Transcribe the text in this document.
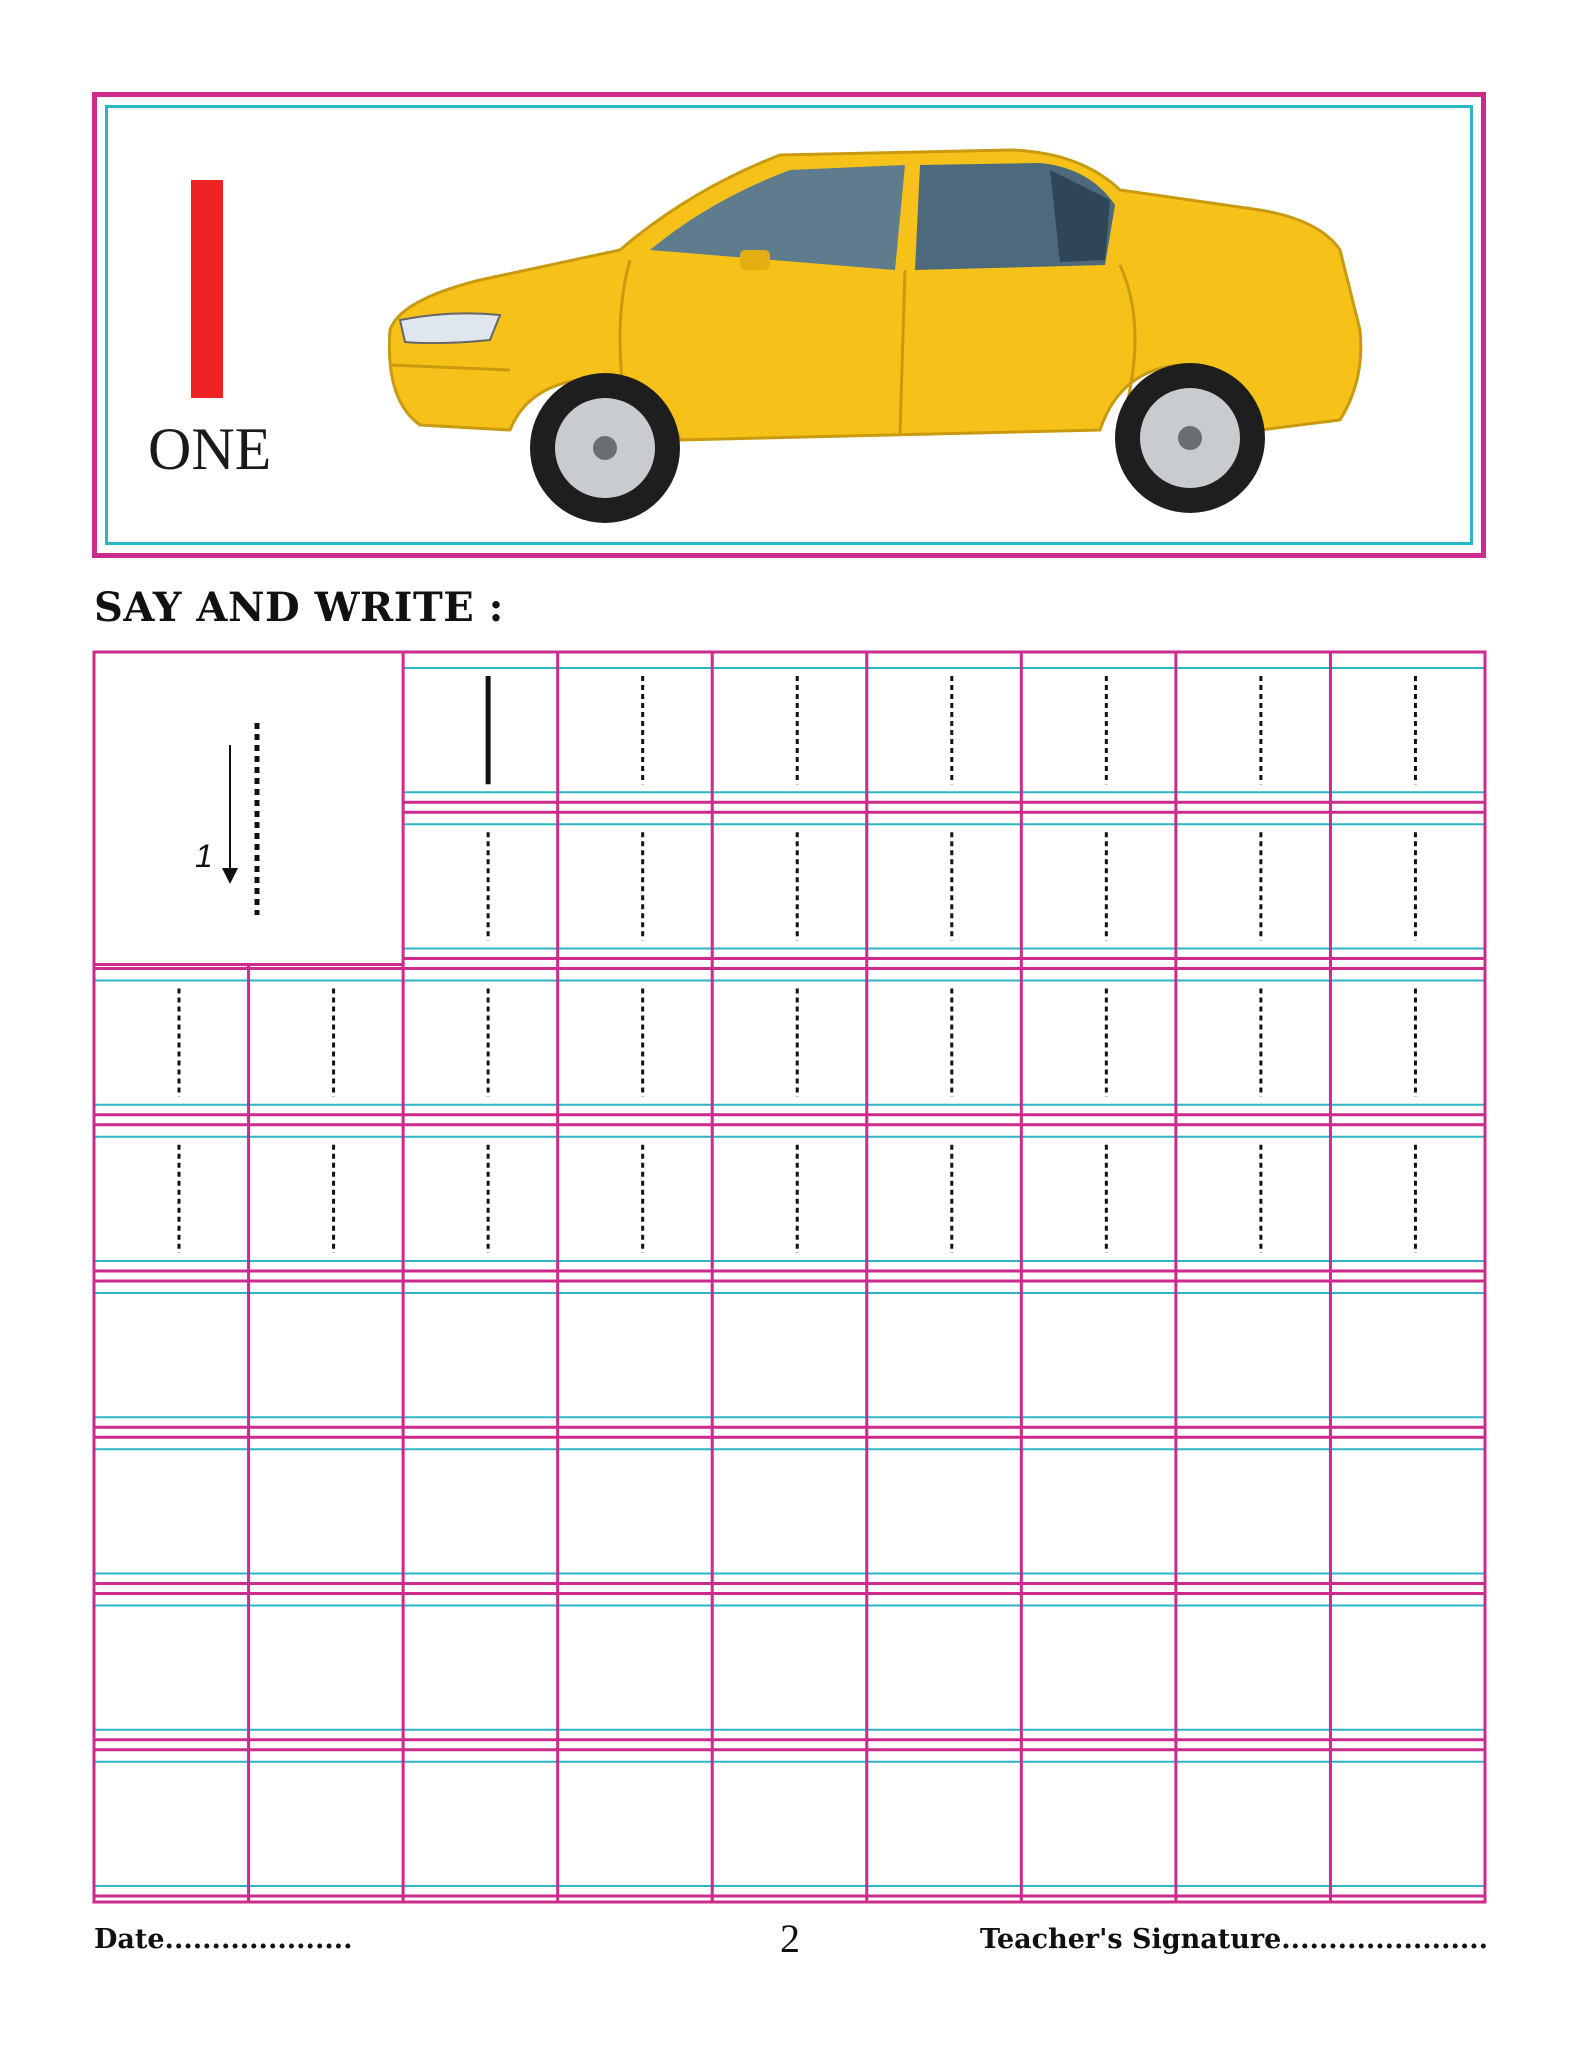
ONE
SAY AND WRITE :
1
Date....................	2	Teacher's Signature......................
